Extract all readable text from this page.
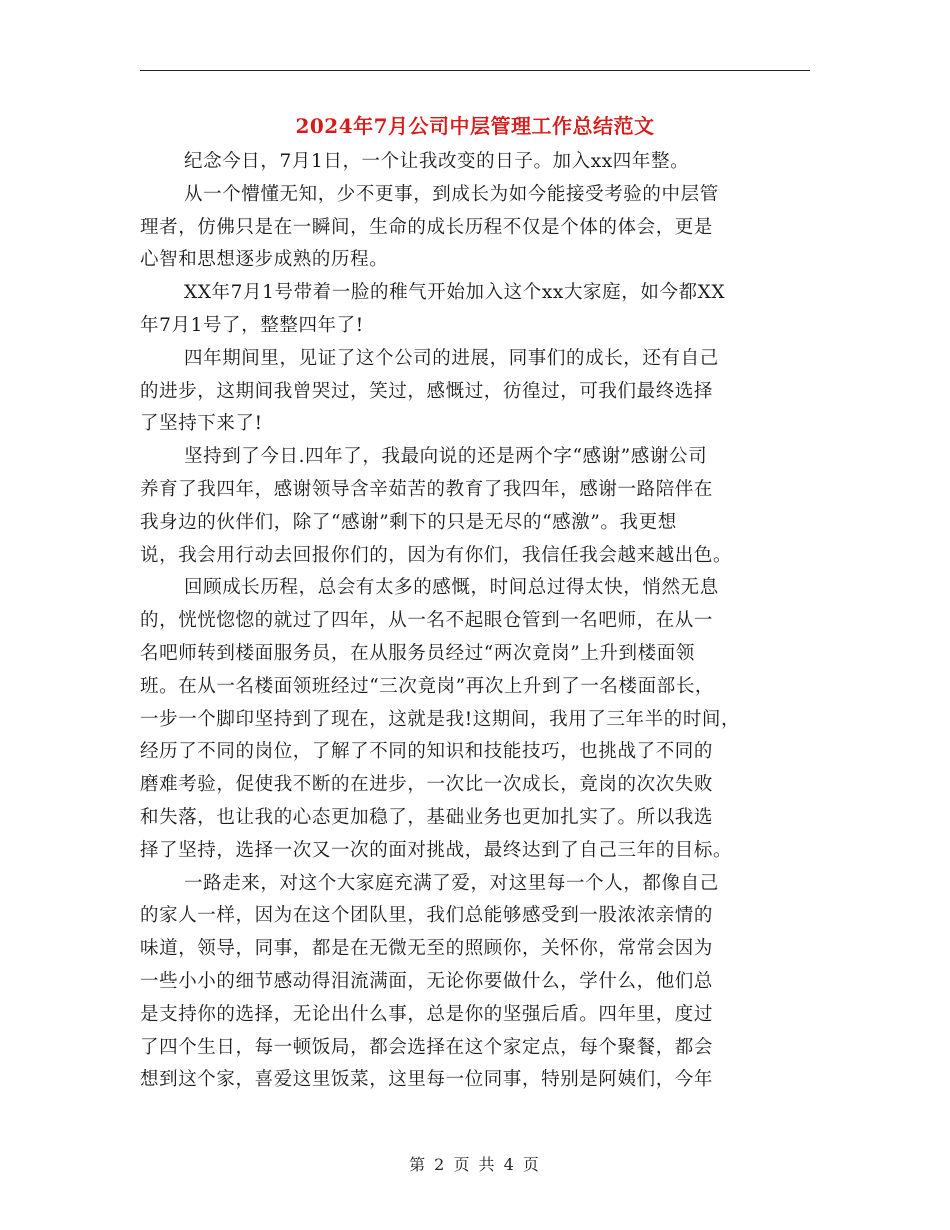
2024年7月公司中层管理工作总结范文
纪念今日，7月1日，一个让我改变的日子。加入xx四年整。
从一个懵懂无知，少不更事，到成长为如今能接受考验的中层管
理者，仿佛只是在一瞬间，生命的成长历程不仅是个体的体会，更是
心智和思想逐步成熟的历程。
XX年7月1号带着一脸的稚气开始加入这个xx大家庭，如今都XX
年7月1号了，整整四年了!
四年期间里，见证了这个公司的进展，同事们的成长，还有自己
的进步，这期间我曾哭过，笑过，感慨过，彷徨过，可我们最终选择
了坚持下来了!
坚持到了今日.四年了，我最向说的还是两个字“感谢”感谢公司
养育了我四年，感谢领导含辛茹苦的教育了我四年，感谢一路陪伴在
我身边的伙伴们，除了“感谢”剩下的只是无尽的“感激”。我更想
说，我会用行动去回报你们的，因为有你们，我信任我会越来越出色。
回顾成长历程，总会有太多的感慨，时间总过得太快，悄然无息
的，恍恍惚惚的就过了四年，从一名不起眼仓管到一名吧师，在从一
名吧师转到楼面服务员，在从服务员经过“两次竟岗”上升到楼面领
班。在从一名楼面领班经过“三次竟岗”再次上升到了一名楼面部长，
一步一个脚印坚持到了现在，这就是我!这期间，我用了三年半的时间，
经历了不同的岗位，了解了不同的知识和技能技巧，也挑战了不同的
磨难考验，促使我不断的在进步，一次比一次成长，竟岗的次次失败
和失落，也让我的心态更加稳了，基础业务也更加扎实了。所以我选
择了坚持，选择一次又一次的面对挑战，最终达到了自己三年的目标。
一路走来，对这个大家庭充满了爱，对这里每一个人，都像自己
的家人一样，因为在这个团队里，我们总能够感受到一股浓浓亲情的
味道，领导，同事，都是在无微无至的照顾你，关怀你，常常会因为
一些小小的细节感动得泪流满面，无论你要做什么，学什么，他们总
是支持你的选择，无论出什么事，总是你的坚强后盾。四年里，度过
了四个生日，每一顿饭局，都会选择在这个家定点，每个聚餐，都会
想到这个家，喜爱这里饭菜，这里每一位同事，特别是阿姨们，今年
第 2 页 共 4 页
